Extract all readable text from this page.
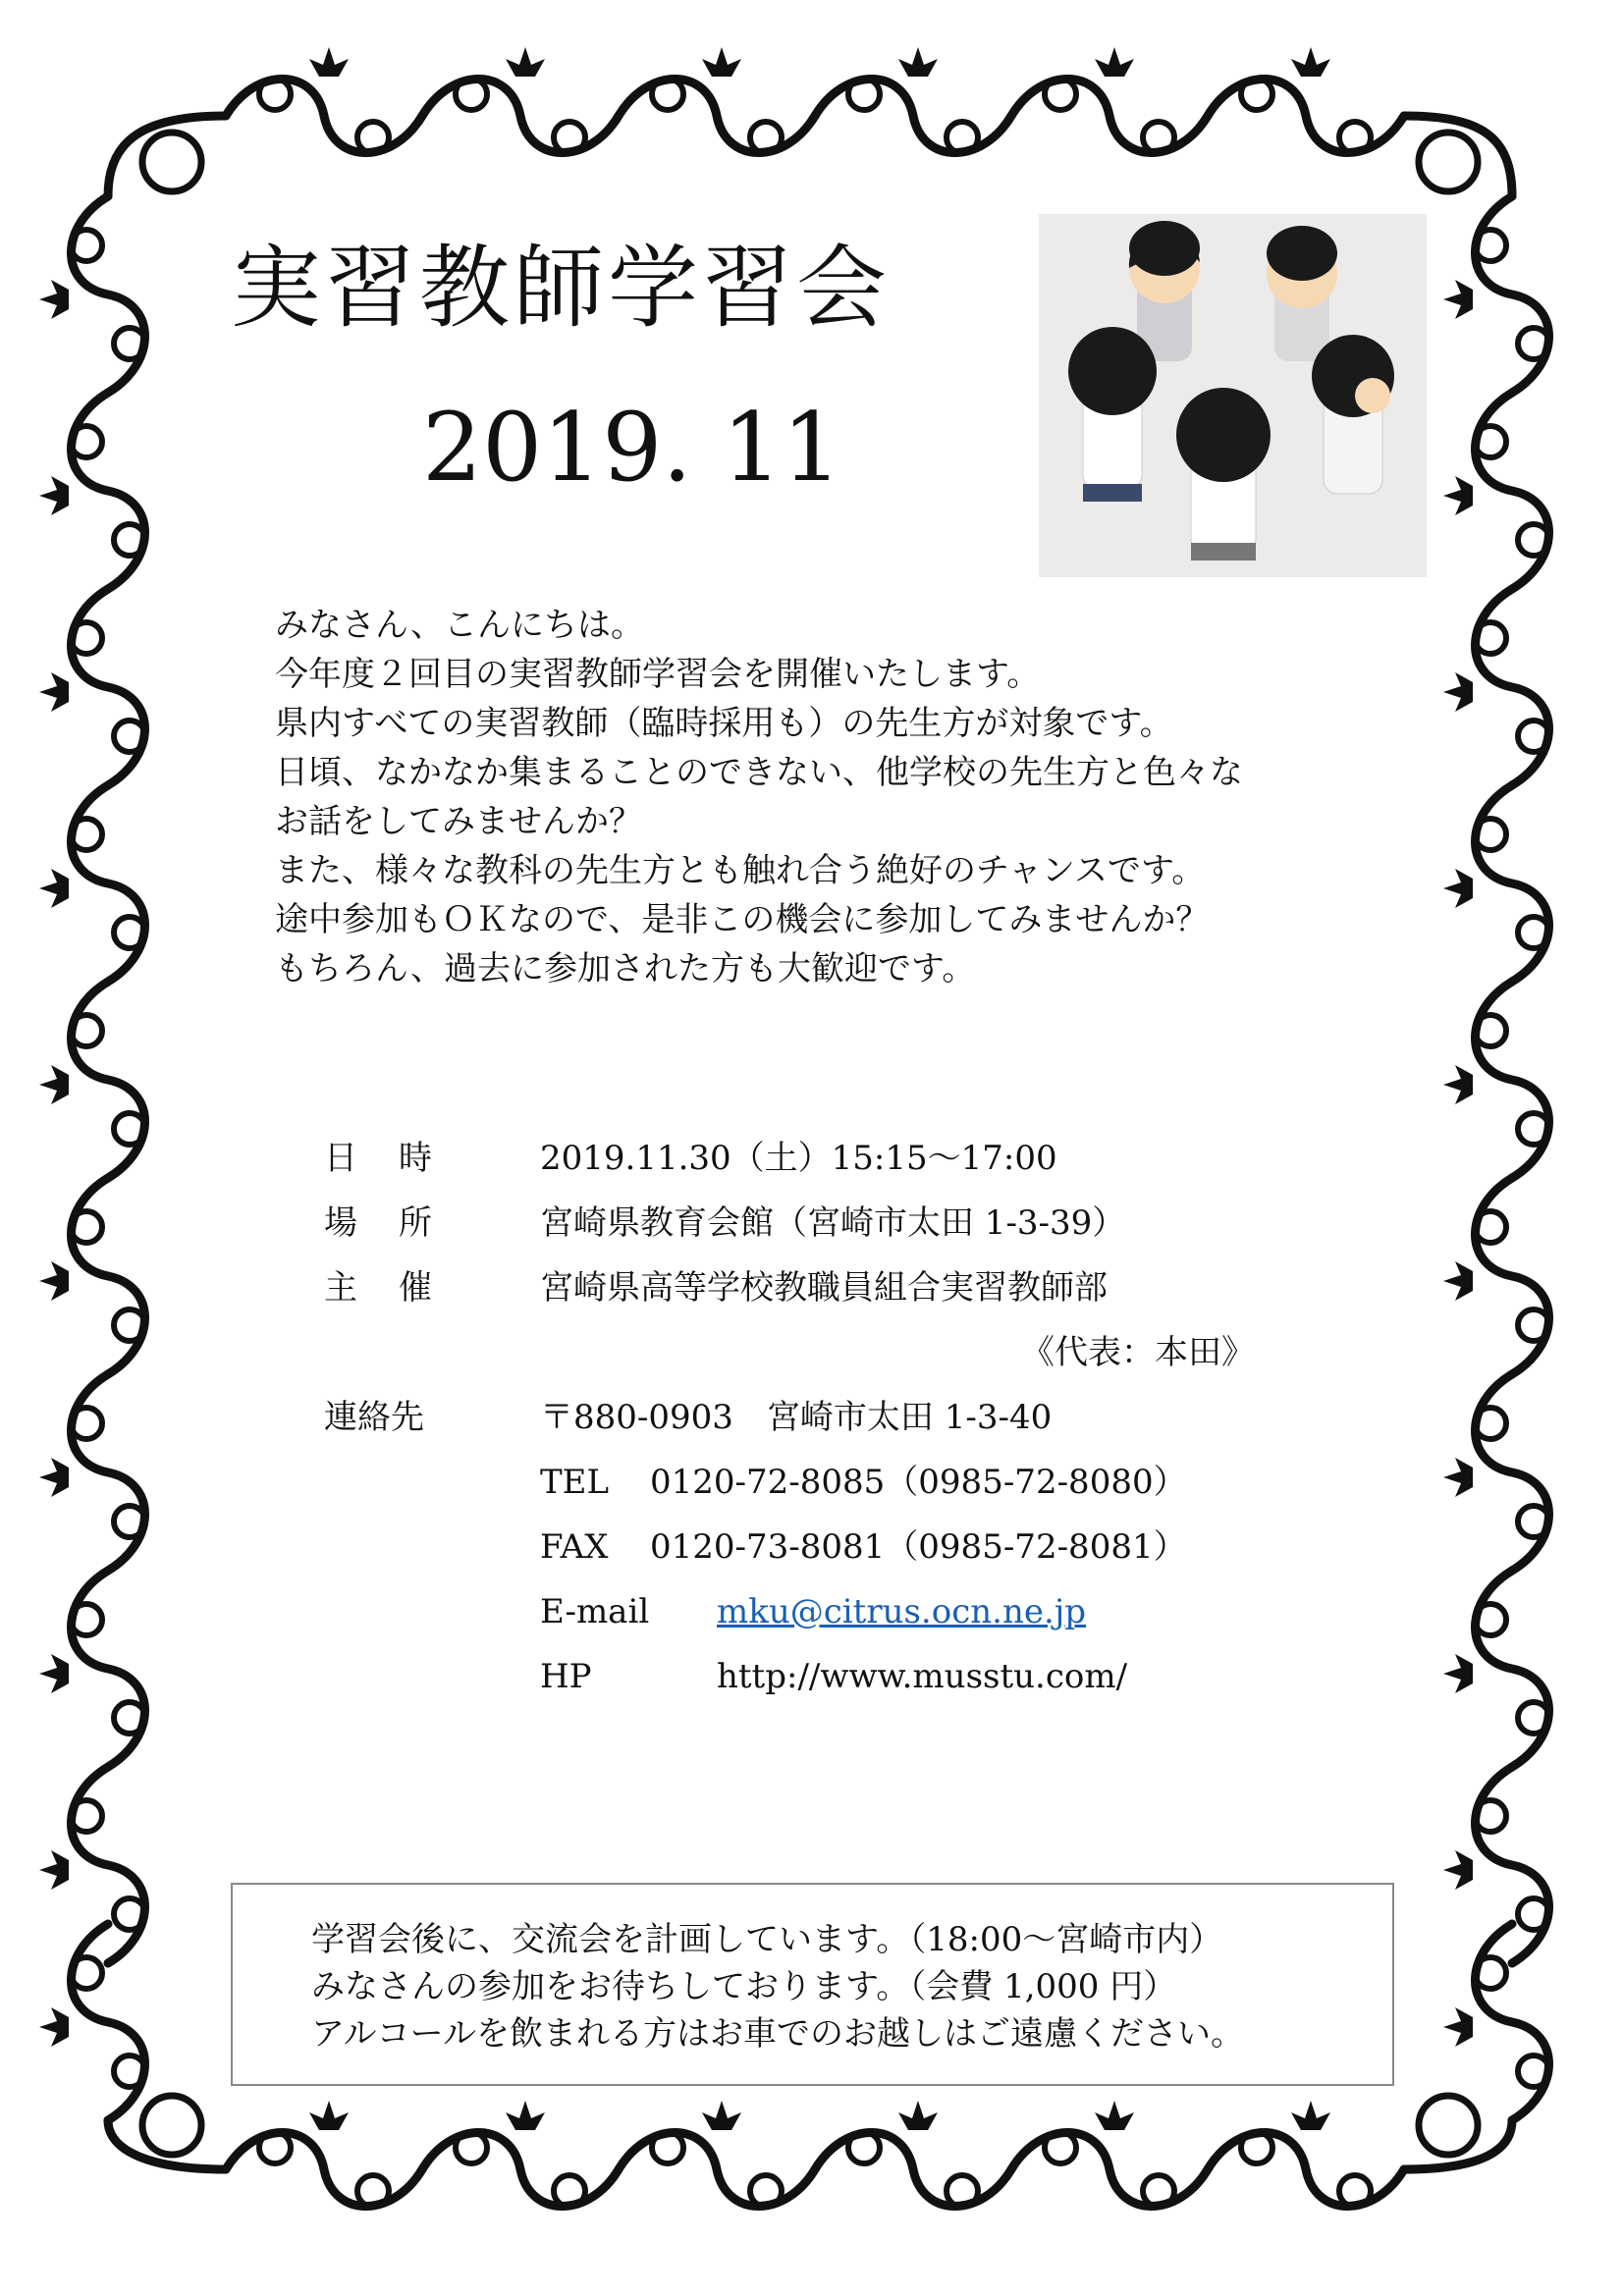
実習教師学習会
2019. 11
みなさん、こんにちは。
今年度２回目の実習教師学習会を開催いたします。
県内すべての実習教師（臨時採用も）の先生方が対象です。
日頃、なかなか集まることのできない、他学校の先生方と色々な
お話をしてみませんか？
また、様々な教科の先生方とも触れ合う絶好のチャンスです。
途中参加もＯＫなので、是非この機会に参加してみませんか？
もちろん、過去に参加された方も大歓迎です。
日時 2019.11.30（土）15:15～17:00
場所 宮崎県教育会館（宮崎市太田 1-3-39）
主催 宮崎県高等学校教職員組合実習教師部
《代表：本田》
連絡先	〒880-0903　宮崎市太田 1-3-40
TEL 0120-72-8085（0985-72-8080）
FAX 0120-73-8081（0985-72-8081）
E-mail mku@citrus.ocn.ne.jp
HP	http://www.musstu.com/
学習会後に、交流会を計画しています。（18:00～宮崎市内）
みなさんの参加をお待ちしております。（会費 1,000 円）
アルコールを飲まれる方はお車でのお越しはご遠慮ください。
